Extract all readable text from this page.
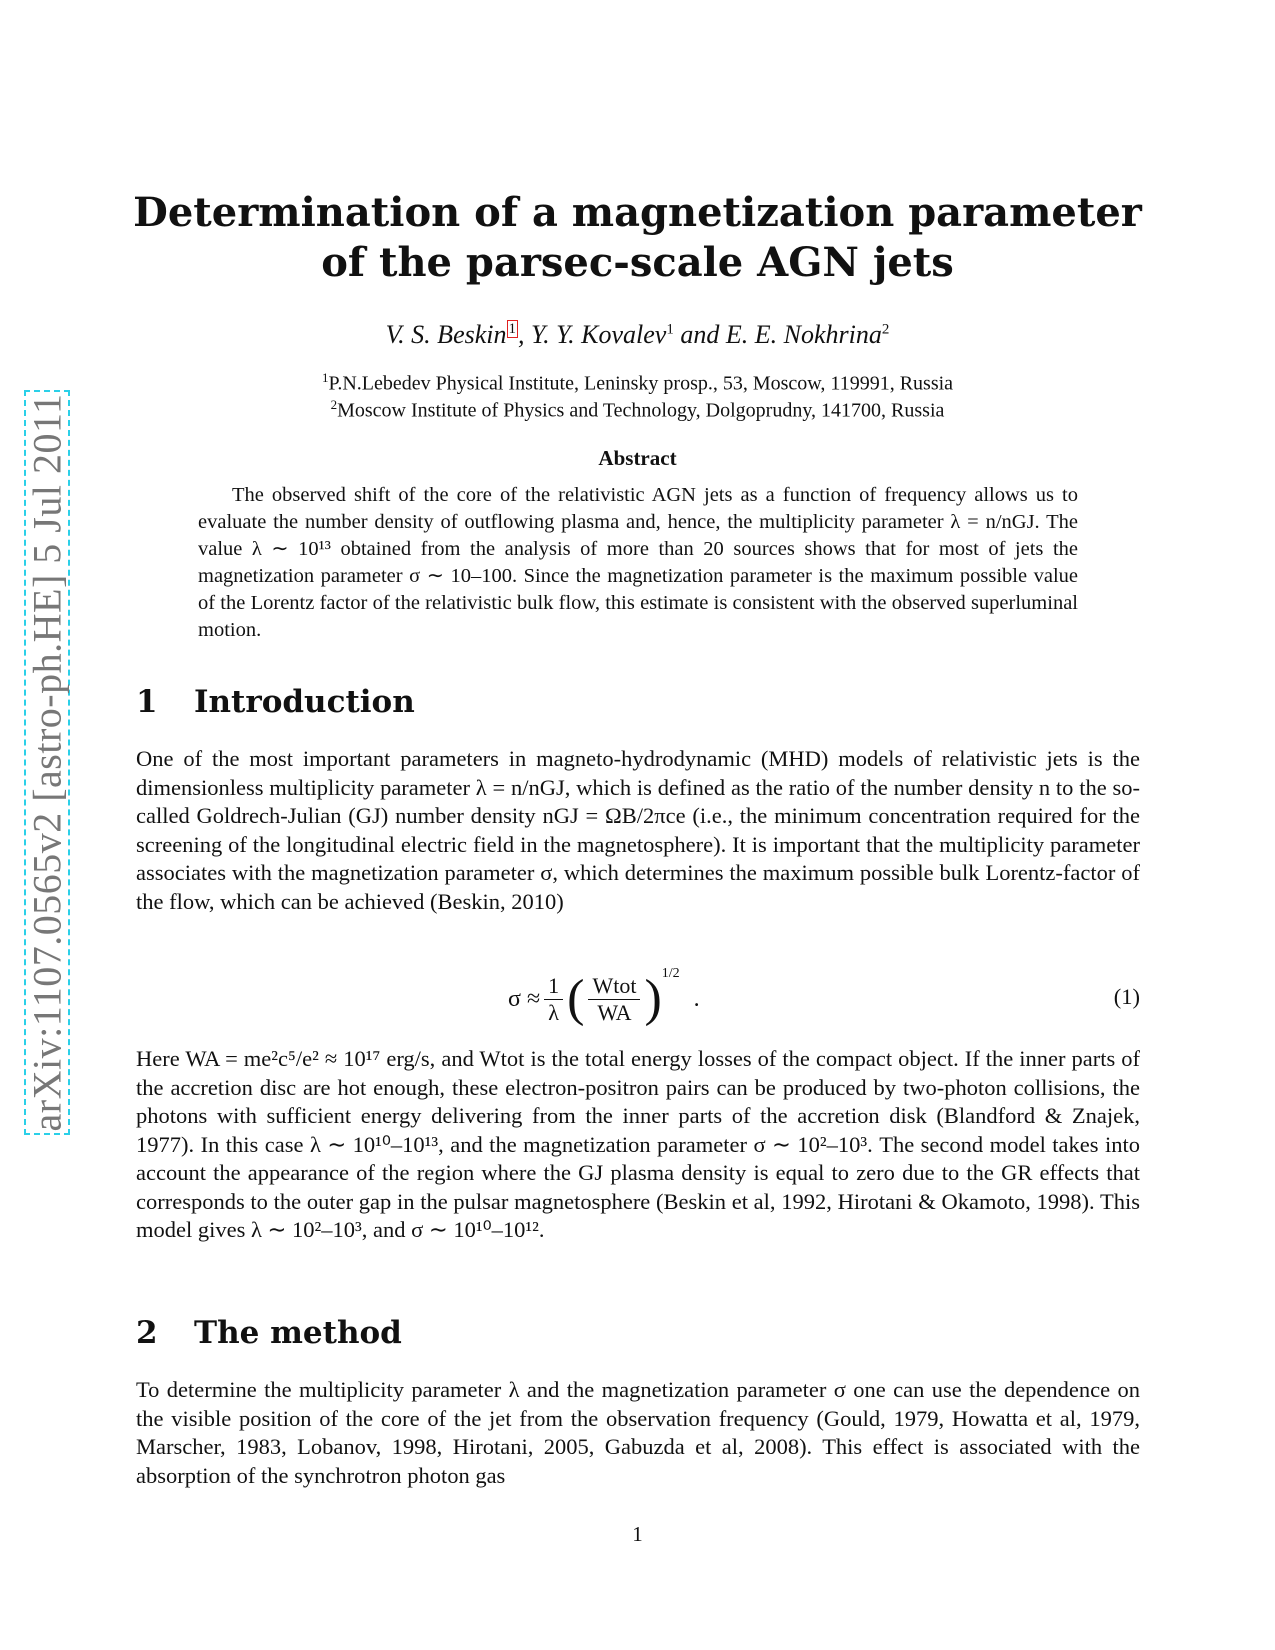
arXiv:1107.0565v2 [astro-ph.HE] 5 Jul 2011
Determination of a magnetization parameter
of the parsec-scale AGN jets
V. S. Beskin $^1$, Y. Y. Kovalev$^1$ and E. E. Nokhrina$^2$
$^1$P.N.Lebedev Physical Institute, Leninsky prosp., 53, Moscow, 119991, Russia
$^2$Moscow Institute of Physics and Technology, Dolgoprudny, 141700, Russia
Abstract
The observed shift of the core of the relativistic AGN jets as a function of frequency allows us to evaluate the number density of outflowing plasma and, hence, the multiplicity parameter λ = n/nGJ. The value λ ∼ 10¹³ obtained from the analysis of more than 20 sources shows that for most of jets the magnetization parameter σ ∼ 10–100. Since the magnetization parameter is the maximum possible value of the Lorentz factor of the relativistic bulk flow, this estimate is consistent with the observed superluminal motion.
1 Introduction
One of the most important parameters in magneto-hydrodynamic (MHD) models of relativistic jets is the dimensionless multiplicity parameter λ = n/nGJ, which is defined as the ratio of the number density n to the so-called Goldrech-Julian (GJ) number density nGJ = ΩB/2πce (i.e., the minimum concentration required for the screening of the longitudinal electric field in the magnetosphere). It is important that the multiplicity parameter associates with the magnetization parameter σ, which determines the maximum possible bulk Lorentz-factor of the flow, which can be achieved (Beskin, 2010)
$\sigma \approx \frac{1}{\lambda}$ ( $\frac{\text{Wtot}}{WA}$ ) 1/2
.	(1)
Here WA = me²c⁵/e² ≈ 10¹⁷ erg/s, and Wtot is the total energy losses of the compact object. If the inner parts of the accretion disc are hot enough, these electron-positron pairs can be produced by two-photon collisions, the photons with sufficient energy delivering from the inner parts of the accretion disk (Blandford & Znajek, 1977). In this case λ ∼ 10¹⁰–10¹³, and the magnetization parameter σ ∼ 10²–10³. The second model takes into account the appearance of the region where the GJ plasma density is equal to zero due to the GR effects that corresponds to the outer gap in the pulsar magnetosphere (Beskin et al, 1992, Hirotani & Okamoto, 1998). This model gives λ ∼ 10²–10³, and σ ∼ 10¹⁰–10¹².
2 The method
To determine the multiplicity parameter λ and the magnetization parameter σ one can use the dependence on the visible position of the core of the jet from the observation frequency (Gould, 1979, Howatta et al, 1979, Marscher, 1983, Lobanov, 1998, Hirotani, 2005, Gabuzda et al, 2008). This effect is associated with the absorption of the synchrotron photon gas
1
